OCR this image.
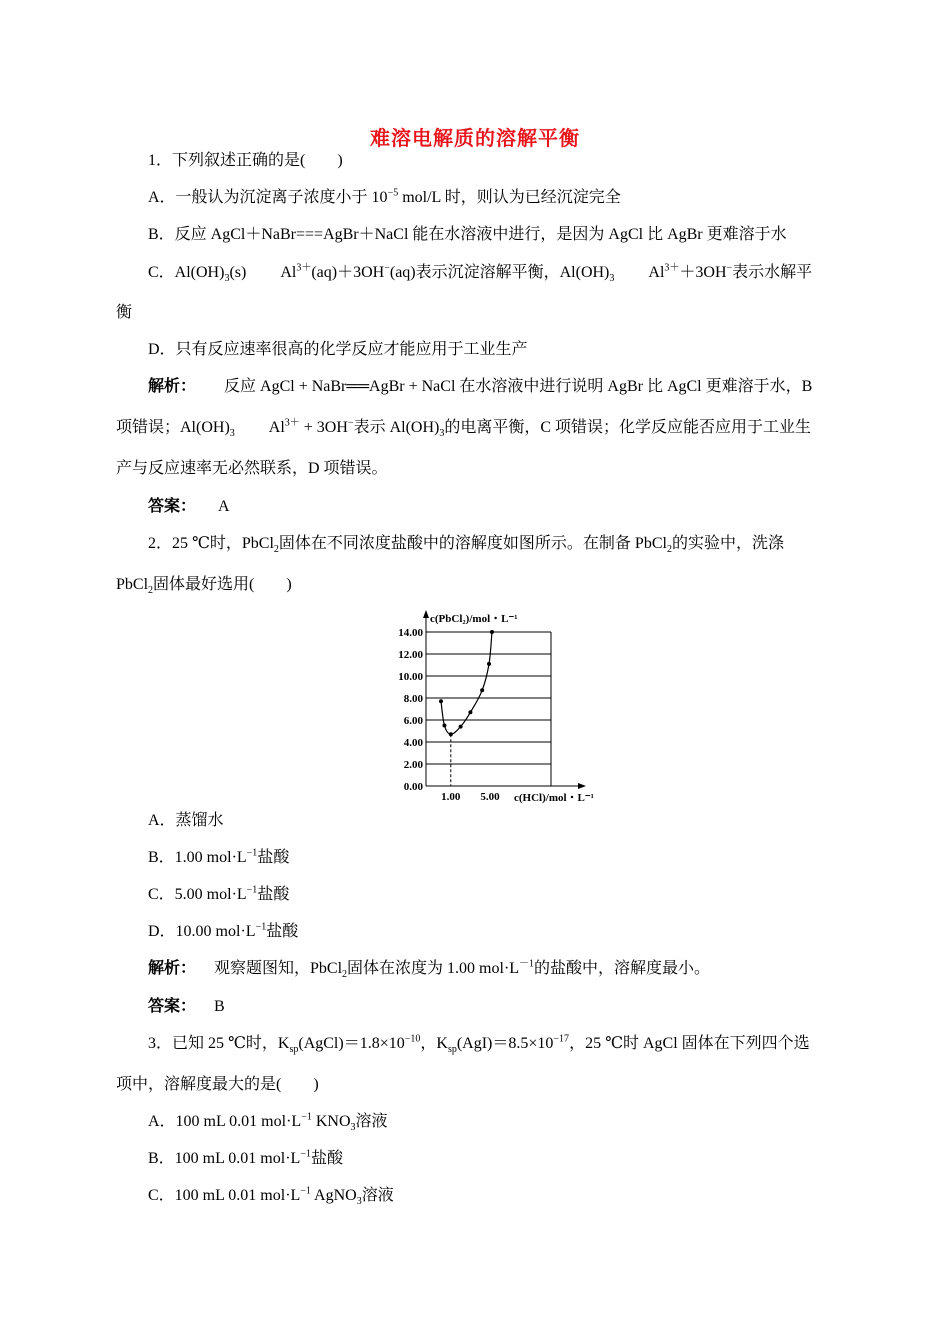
难溶电解质的溶解平衡
1．下列叙述正确的是(　　)
A．一般认为沉淀离子浓度小于 $10^{-5}$ mol/L 时，则认为已经沉淀完全
B．反应 AgCl＋NaBr===AgBr＋NaCl 能在水溶液中进行，是因为 AgCl 比 AgBr 更难溶于水
C．$Al(OH)_3(s)$ $Al^{3+}(aq)+3OH^-(aq)$表示沉淀溶解平衡，$Al(OH)_3$ $Al^{3+}+3OH^-$表示水解平
衡
D．只有反应速率很高的化学反应才能应用于工业生产
解析： 反应 AgCl + NaBr══AgBr + NaCl 在水溶液中进行说明 AgBr 比 AgCl 更难溶于水，B
项错误；$Al(OH)_3$ $Al^{3+} + 3OH^-$表示 $Al(OH)_3$的电离平衡，C 项错误；化学反应能否应用于工业生
产与反应速率无必然联系，D 项错误。
答案： A
2．25 ℃时，PbCl$_2$固体在不同浓度盐酸中的溶解度如图所示。在制备 PbCl$_2$的实验中，洗涤
PbCl$_2$固体最好选用(　　)
14.00
12.00
10.00
8.00
6.00
4.00
2.00
0.00
1.00 5.00
c(PbCl₂)/mol・L⁻¹
c(HCl)/mol・L⁻¹
A．蒸馏水
B．1.00 $mol\cdot L^{-1}$盐酸
C．5.00 $mol\cdot L^{-1}$盐酸
D．10.00 $mol\cdot L^{-1}$盐酸
解析： 观察题图知，PbCl$_2$固体在浓度为 1.00 $mol\cdot L^{-1}$的盐酸中，溶解度最小。
答案： B
3．已知 25 ℃时，$K_{sp}(AgCl)=1.8\times 10^{-10}$，$K_{sp}(AgI)=8.5\times 10^{-17}$，25 ℃时 AgCl 固体在下列四个选
项中，溶解度最大的是(　　)
A．100 mL 0.01 $mol\cdot L^{-1}$ $KNO_3$溶液
B．100 mL 0.01 $mol\cdot L^{-1}$盐酸
C．100 mL 0.01 $mol\cdot L^{-1}$ AgNO$_3$溶液
